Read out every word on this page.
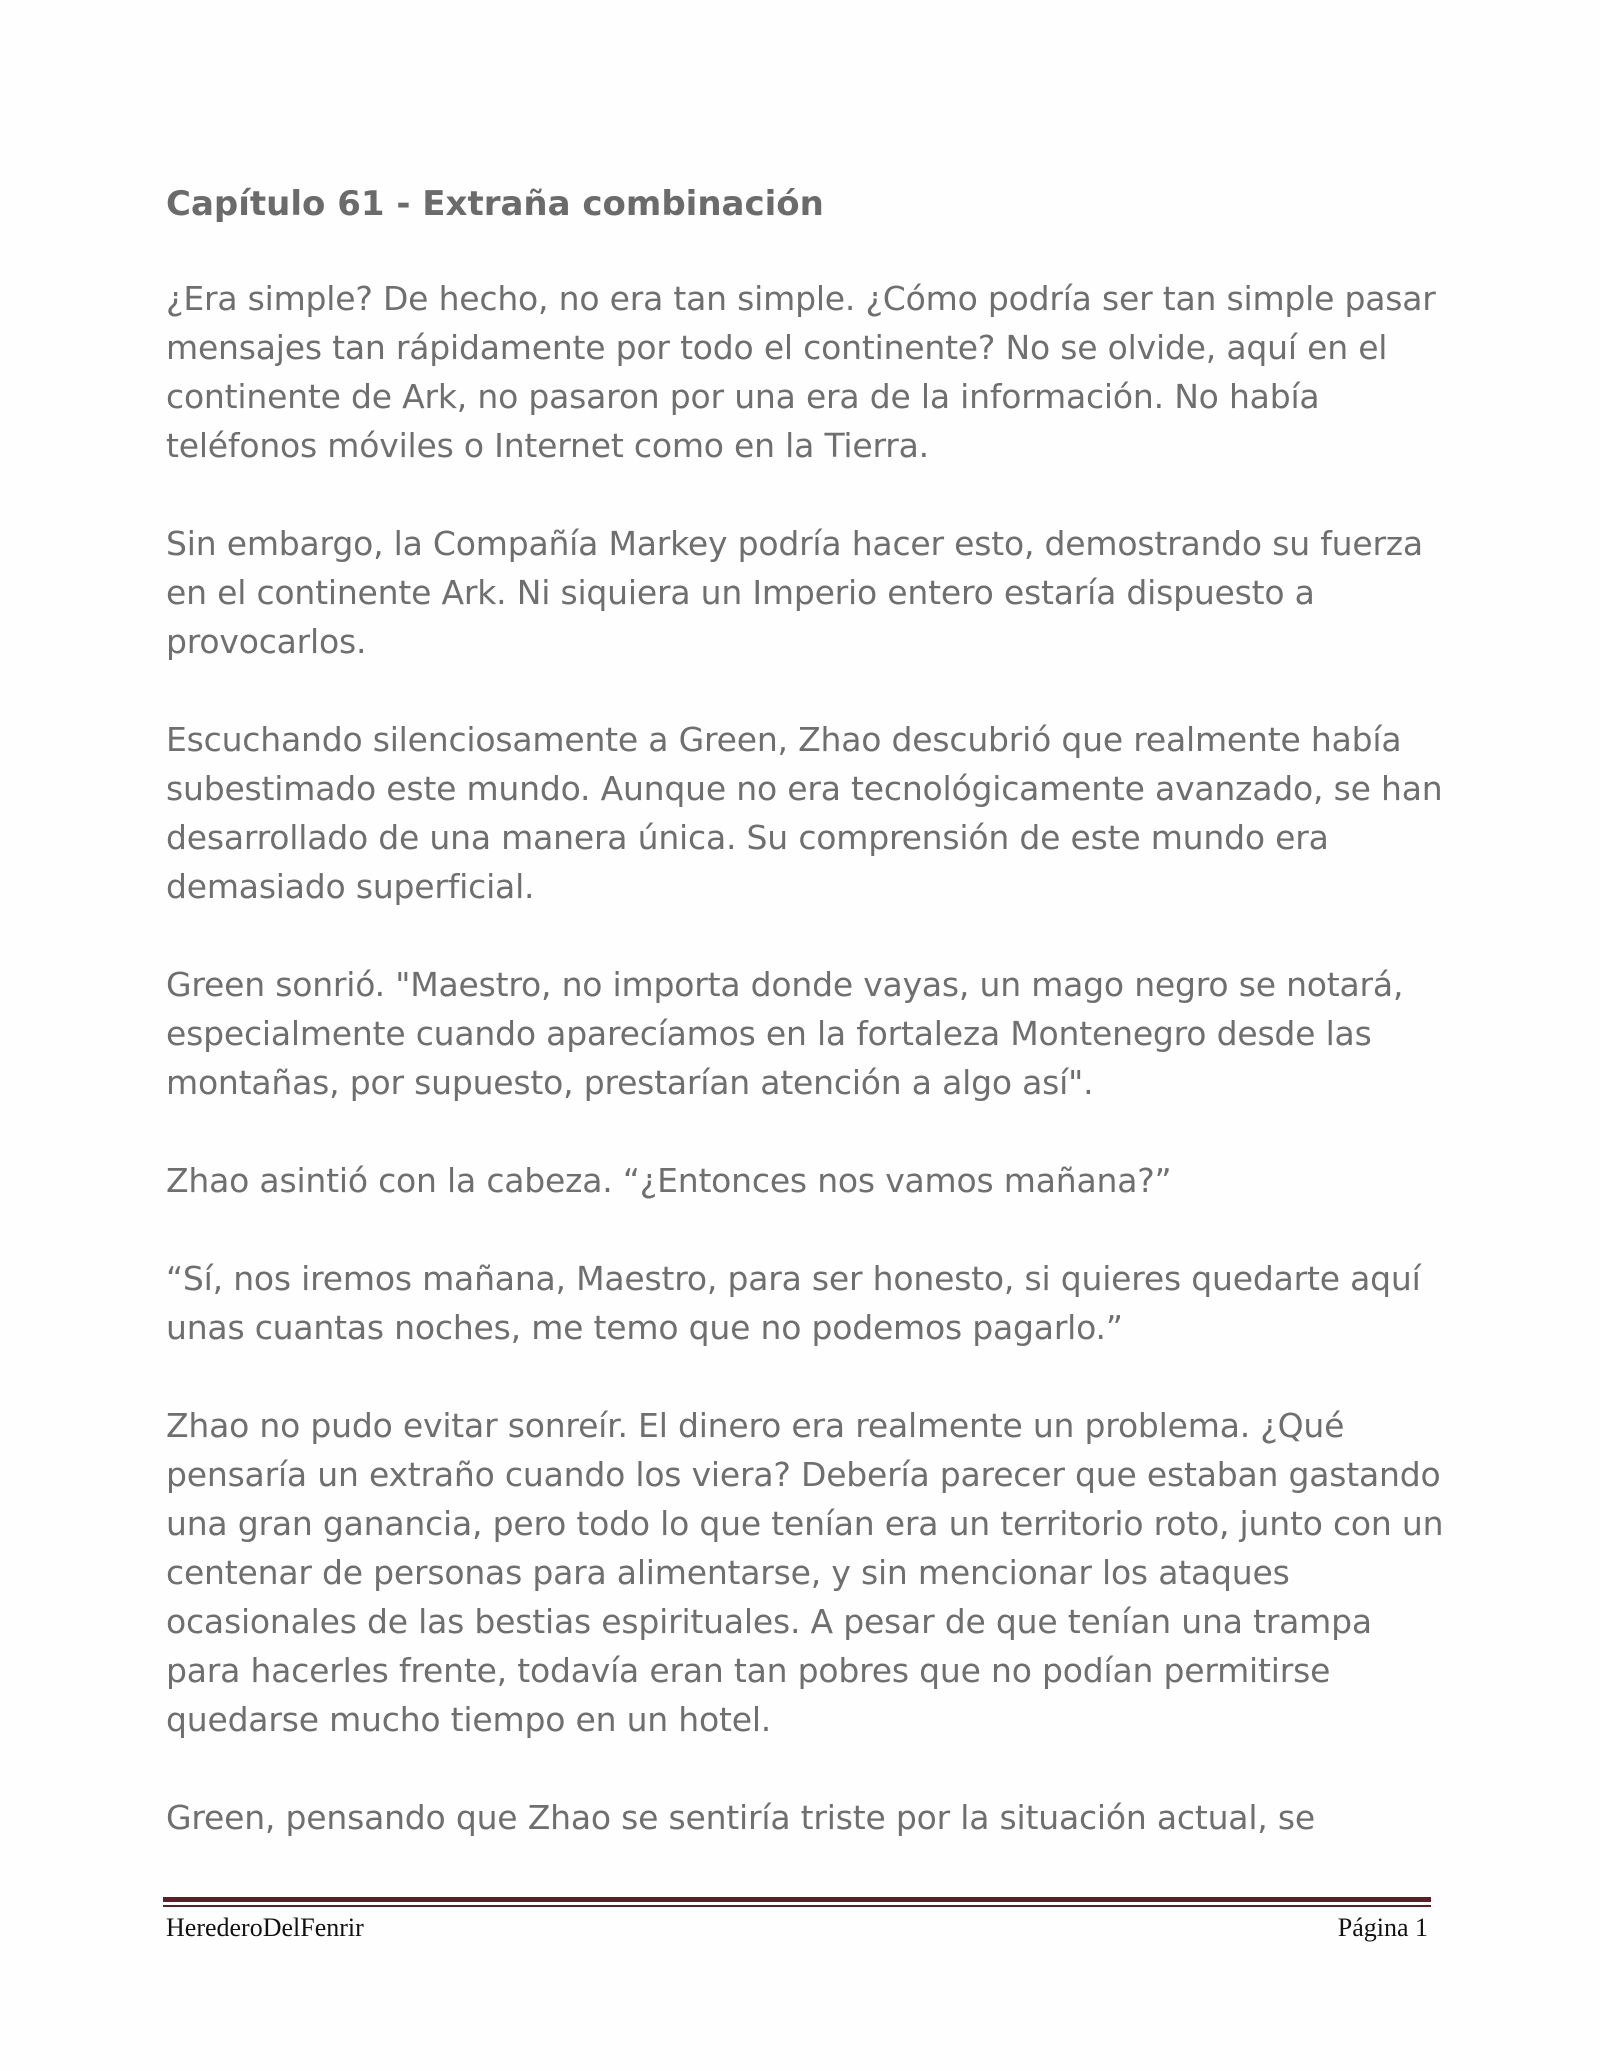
Capítulo 61 - Extraña combinación

¿Era simple? De hecho, no era tan simple. ¿Cómo podría ser tan simple pasar mensajes tan rápidamente por todo el continente? No se olvide, aquí en el continente de Ark, no pasaron por una era de la información. No había teléfonos móviles o Internet como en la Tierra.

Sin embargo, la Compañía Markey podría hacer esto, demostrando su fuerza en el continente Ark. Ni siquiera un Imperio entero estaría dispuesto a provocarlos.

Escuchando silenciosamente a Green, Zhao descubrió que realmente había subestimado este mundo. Aunque no era tecnológicamente avanzado, se han desarrollado de una manera única. Su comprensión de este mundo era demasiado superficial.

Green sonrió. "Maestro, no importa donde vayas, un mago negro se notará, especialmente cuando aparecíamos en la fortaleza Montenegro desde las montañas, por supuesto, prestarían atención a algo así".

Zhao asintió con la cabeza. “¿Entonces nos vamos mañana?”

“Sí, nos iremos mañana, Maestro, para ser honesto, si quieres quedarte aquí unas cuantas noches, me temo que no podemos pagarlo.”

Zhao no pudo evitar sonreír. El dinero era realmente un problema. ¿Qué pensaría un extraño cuando los viera? Debería parecer que estaban gastando una gran ganancia, pero todo lo que tenían era un territorio roto, junto con un centenar de personas para alimentarse, y sin mencionar los ataques ocasionales de las bestias espirituales. A pesar de que tenían una trampa para hacerles frente, todavía eran tan pobres que no podían permitirse quedarse mucho tiempo en un hotel.

Green, pensando que Zhao se sentiría triste por la situación actual, se

HerederoDelFenrir	Página 1
